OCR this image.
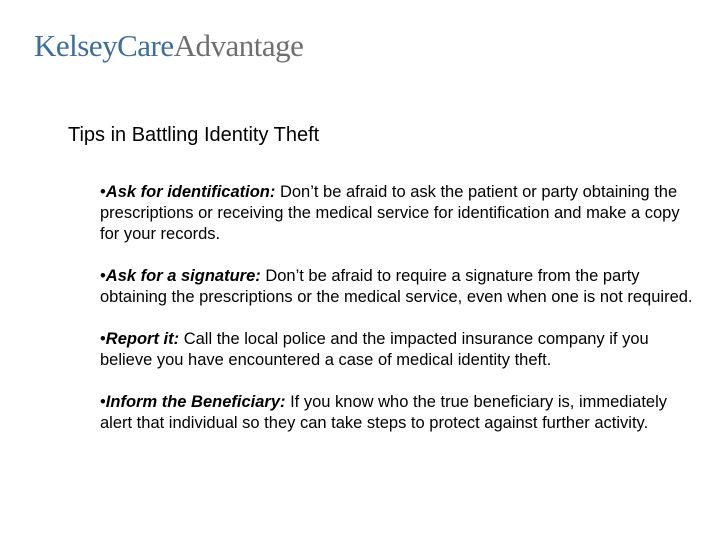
KelseyCareAdvantage
Tips in Battling Identity Theft

•Ask for identification: Don’t be afraid to ask the patient or party obtaining the prescriptions or receiving the medical service for identification and make a copy for your records.

•Ask for a signature: Don’t be afraid to require a signature from the party obtaining the prescriptions or the medical service, even when one is not required.

•Report it: Call the local police and the impacted insurance company if you believe you have encountered a case of medical identity theft.

•Inform the Beneficiary: If you know who the true beneficiary is, immediately alert that individual so they can take steps to protect against further activity.
